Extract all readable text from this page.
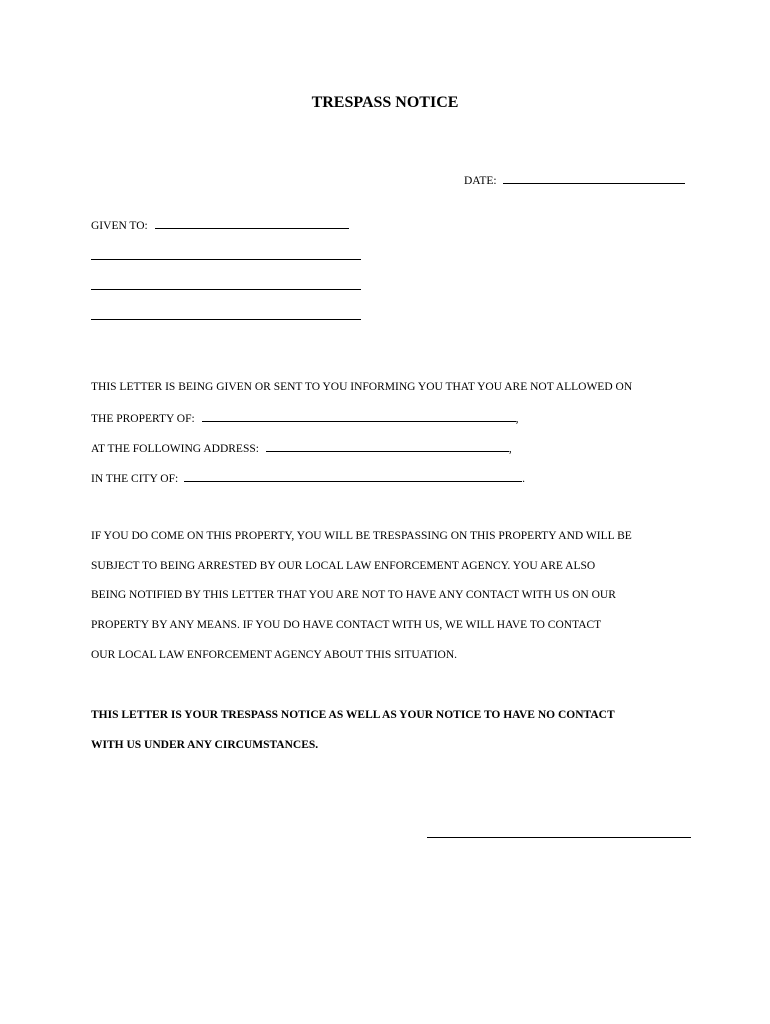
TRESPASS NOTICE
DATE:
GIVEN TO:
THIS LETTER IS BEING GIVEN OR SENT TO YOU INFORMING YOU THAT YOU ARE NOT ALLOWED ON
THE PROPERTY OF:	,
AT THE FOLLOWING ADDRESS:	,
IN THE CITY OF:	.
IF YOU DO COME ON THIS PROPERTY, YOU WILL BE TRESPASSING ON THIS PROPERTY AND WILL BE
SUBJECT TO BEING ARRESTED BY OUR LOCAL LAW ENFORCEMENT AGENCY. YOU ARE ALSO
BEING NOTIFIED BY THIS LETTER THAT YOU ARE NOT TO HAVE ANY CONTACT WITH US ON OUR
PROPERTY BY ANY MEANS. IF YOU DO HAVE CONTACT WITH US, WE WILL HAVE TO CONTACT
OUR LOCAL LAW ENFORCEMENT AGENCY ABOUT THIS SITUATION.
THIS LETTER IS YOUR TRESPASS NOTICE AS WELL AS YOUR NOTICE TO HAVE NO CONTACT
WITH US UNDER ANY CIRCUMSTANCES.
